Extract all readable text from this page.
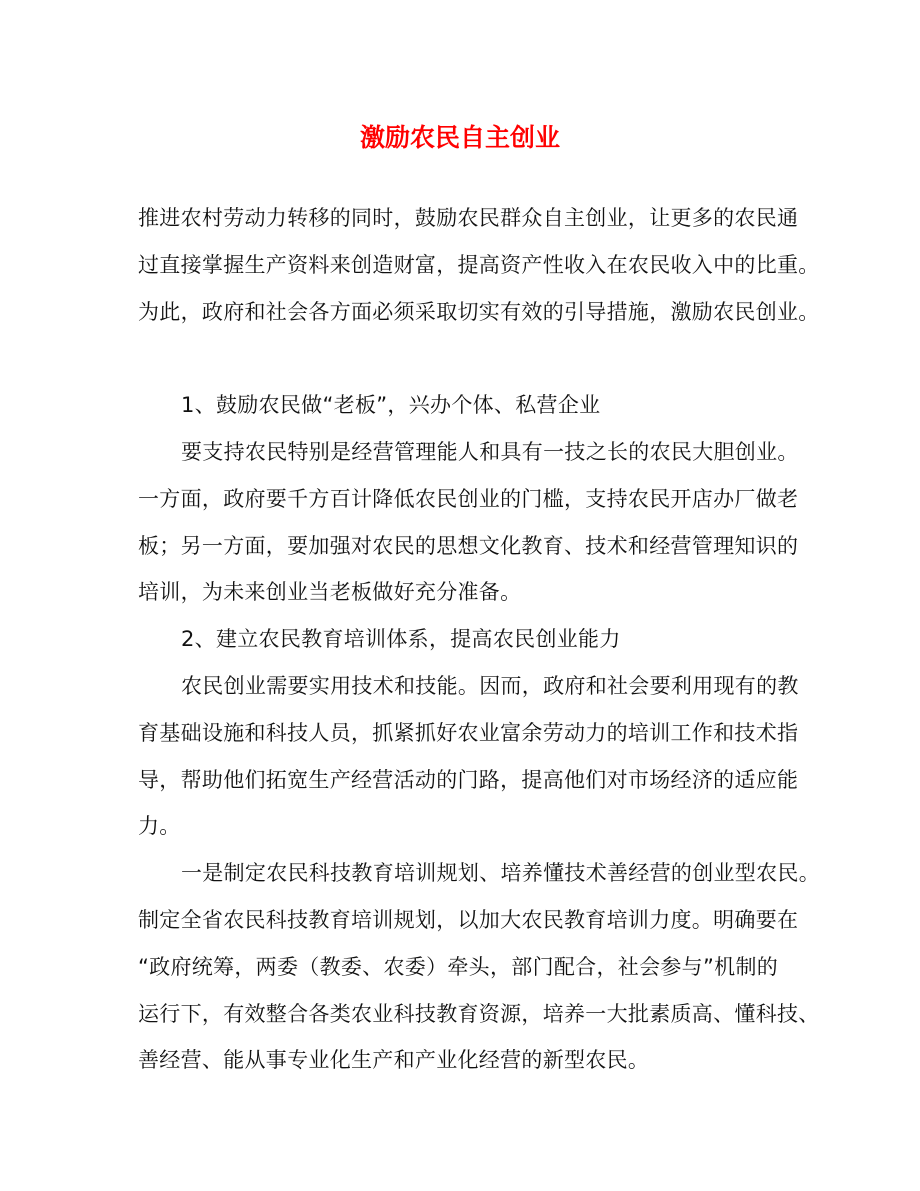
激励农民自主创业
推进农村劳动力转移的同时，鼓励农民群众自主创业，让更多的农民通
过直接掌握生产资料来创造财富，提高资产性收入在农民收入中的比重。
为此，政府和社会各方面必须采取切实有效的引导措施，激励农民创业。
1、鼓励农民做“老板”，兴办个体、私营企业
要支持农民特别是经营管理能人和具有一技之长的农民大胆创业。
一方面，政府要千方百计降低农民创业的门槛，支持农民开店办厂做老
板；另一方面，要加强对农民的思想文化教育、技术和经营管理知识的
培训，为未来创业当老板做好充分准备。
2、建立农民教育培训体系，提高农民创业能力
农民创业需要实用技术和技能。因而，政府和社会要利用现有的教
育基础设施和科技人员，抓紧抓好农业富余劳动力的培训工作和技术指
导，帮助他们拓宽生产经营活动的门路，提高他们对市场经济的适应能
力。
一是制定农民科技教育培训规划、培养懂技术善经营的创业型农民。
制定全省农民科技教育培训规划，以加大农民教育培训力度。明确要在
“政府统筹，两委（教委、农委）牵头，部门配合，社会参与”机制的
运行下，有效整合各类农业科技教育资源，培养一大批素质高、懂科技、
善经营、能从事专业化生产和产业化经营的新型农民。
